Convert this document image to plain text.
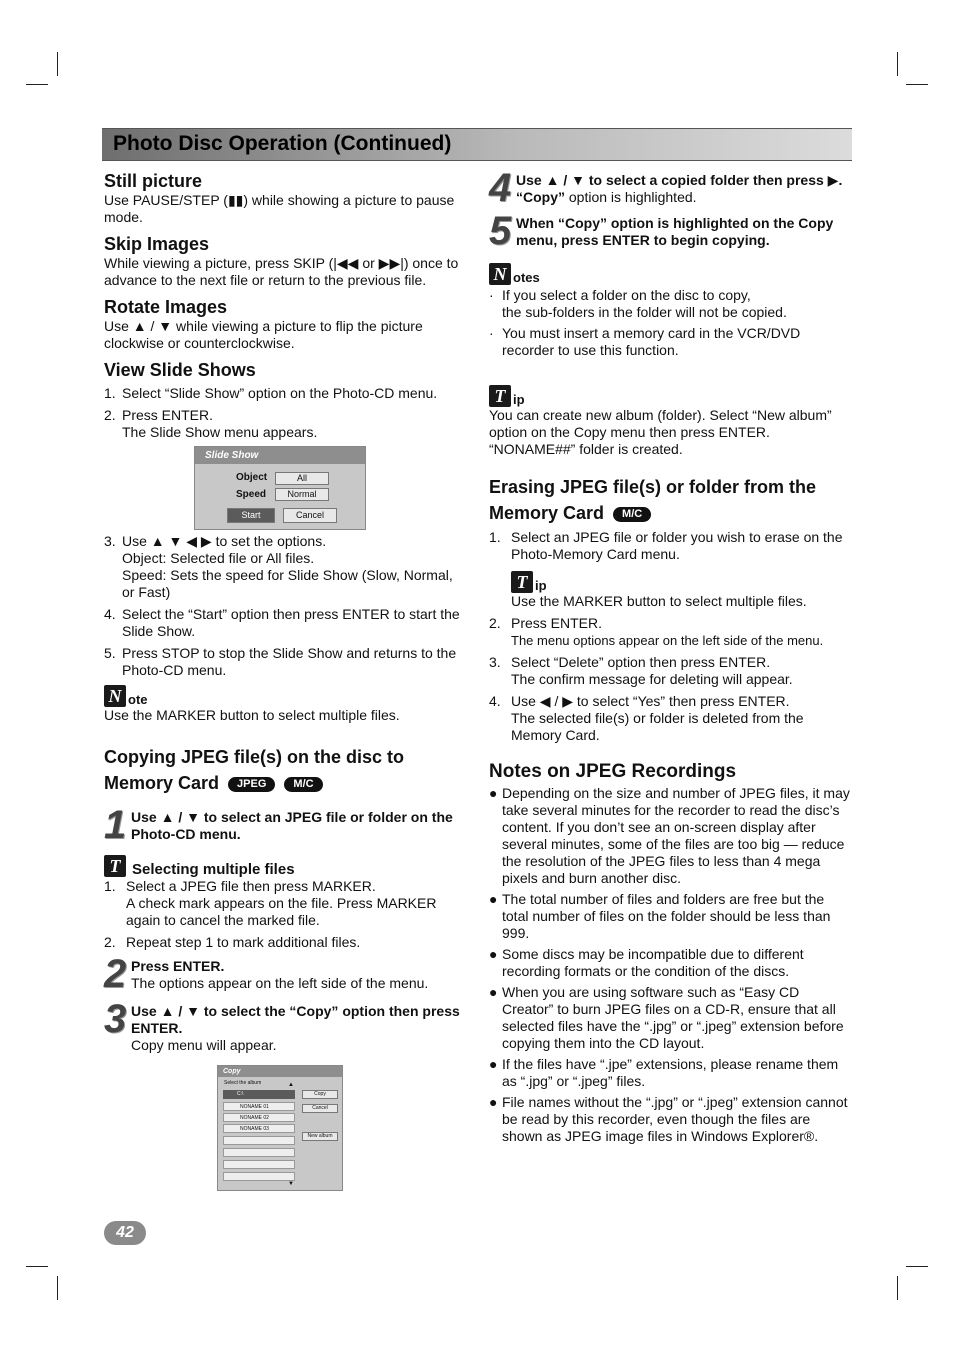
Photo Disc Operation (Continued)
Still picture

Use PAUSE/STEP (▮▮) while showing a picture to pause mode.

Skip Images

While viewing a picture, press SKIP (|◀◀ or ▶▶|) once to advance to the next file or return to the previous file.

Rotate Images

Use ▲ / ▼ while viewing a picture to flip the picture clockwise or counterclockwise.

View Slide Shows
1. Select “Slide Show” option on the Photo-CD menu.
2. Press ENTER.
The Slide Show menu appears.
Slide Show
Object	All
Speed	Normal
Start	Cancel
3. Use ▲ ▼ ◀ ▶ to set the options.
Object: Selected file or All files.
Speed: Sets the speed for Slide Show (Slow, Normal, or Fast)
4. Select the “Start” option then press ENTER to start the Slide Show.
5. Press STOP to stop the Slide Show and returns to the Photo-CD menu.
N ote

Use the MARKER button to select multiple files.

Copying JPEG file(s) on the disc to
Memory Card JPEG M/C
1 Use ▲ / ▼ to select an JPEG file or folder on the Photo-CD menu.

T Selecting multiple files
1. Select a JPEG file then press MARKER.
A check mark appears on the file. Press MARKER again to cancel the marked file.
2. Repeat step 1 to mark additional files.
2 Press ENTER.

The options appear on the left side of the menu.

3 Use ▲ / ▼ to select the “Copy” option then press ENTER.

Copy menu will appear.

Copy
Select the album	▲
C:\
NONAME 01
NONAME 02
NONAME 03
▼
Copy
Cancel
New album
4 Use ▲ / ▼ to select a copied folder then press ▶.

“Copy” option is highlighted.

5 When “Copy” option is highlighted on the Copy menu, press ENTER to begin copying.

N otes
· If you select a folder on the disc to copy,
the sub-folders in the folder will not be copied.
· You must insert a memory card in the VCR/DVD recorder to use this function.
T ip

You can create new album (folder). Select “New album” option on the Copy menu then press ENTER. “NONAME##” folder is created.

Erasing JPEG file(s) or folder from the
Memory Card M/C
1. Select an JPEG file or folder you wish to erase on the Photo-Memory Card menu.
T ip

Use the MARKER button to select multiple files.

2. Press ENTER.
The menu options appear on the left side of the menu.
3. Select “Delete” option then press ENTER.
The confirm message for deleting will appear.
4. Use ◀ / ▶ to select “Yes” then press ENTER.
The selected file(s) or folder is deleted from the Memory Card.
Notes on JPEG Recordings
● Depending on the size and number of JPEG files, it may take several minutes for the recorder to read the disc’s content. If you don’t see an on-screen display after several minutes, some of the files are too big — reduce the resolution of the JPEG files to less than 4 mega pixels and burn another disc.
● The total number of files and folders are free but the total number of files on the folder should be less than 999.
● Some discs may be incompatible due to different recording formats or the condition of the discs.
● When you are using software such as “Easy CD Creator” to burn JPEG files on a CD-R, ensure that all selected files have the “.jpg” or “.jpeg” extension before copying them into the CD layout.
● If the files have “.jpe” extensions, please rename them as “.jpg” or “.jpeg” files.
● File names without the “.jpg” or “.jpeg” extension cannot be read by this recorder, even though the files are shown as JPEG image files in Windows Explorer®.
42
